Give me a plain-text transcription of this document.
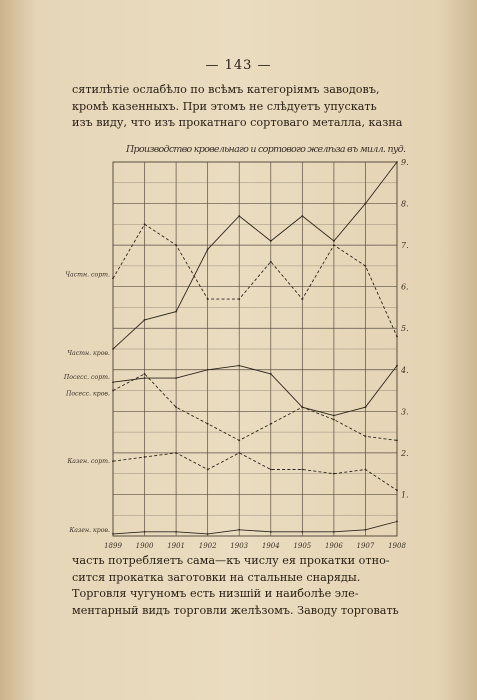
— 143 —
сятилѣтіе ослабѣло по всѣмъ категоріямъ заводовъ,
кромѣ казенныхъ. При этомъ не слѣдуетъ упускать
изъ виду, что изъ прокатнаго сортоваго металла, казна
1899 1900 1901 1902 1903 1904 1905 1906 1907 1908
1.
2.
3.
4.
5.
6.
7.
8.
9.
Частн. сорт.
Частн. кров.
Посесс. сорт.
Посесс. кров.
Казен. сорт.
Казен. кров.
Производство кровельнаго и сортового желѣза въ милл. пуд.
часть потребляетъ сама—къ числу ея прокатки отно-
сится прокатка заготовки на стальные снаряды.
Торговля чугуномъ есть низшій и наиболѣе эле-
ментарный видъ торговли желѣзомъ. Заводу торговать
